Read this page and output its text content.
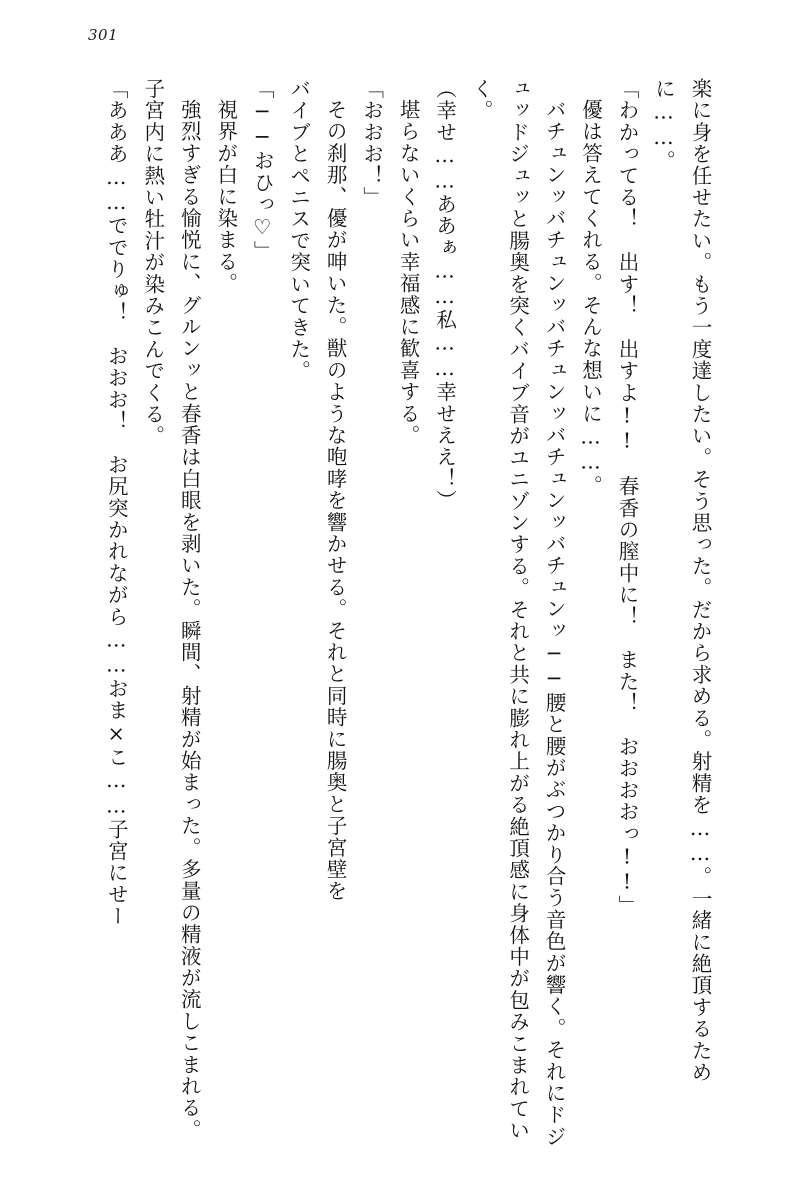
301

楽に身を任せたい。もう一度達したい。そう思った。だから求める。射精を……。一緒に絶頂するために……。

「わかってる！　出す！　出すよ!!　春香の膣中に！　また！　おおおおっ!!」

優は答えてくれる。そんな想いに……。

バチュンッバチュンッバチュンッバチュンッバチュンッ──腰と腰がぶつかり合う音色が響く。それにドジュッドジュッと腸奥を突くバイブ音がユニゾンする。それと共に膨れ上がる絶頂感に身体中が包みこまれていく。

（幸せ……ああぁ……私……幸せええ！）

堪らないくらい幸福感に歓喜する。

「おおお！」

その刹那、優が呻いた。獣のような咆哮を響かせる。それと同時に腸奥と子宮壁を

バイブとペニスで突いてきた。

「──おひっ♡」

視界が白に染まる。

強烈すぎる愉悦に、グルンッと春香は白眼を剥いた。瞬間、射精が始まった。多量の精液が流しこまれる。子宮内に熱い牡汁が染みこんでくる。

「あああ……ででりゅ！　おおお！　お尻突かれながら……おま×こ……子宮にせー
